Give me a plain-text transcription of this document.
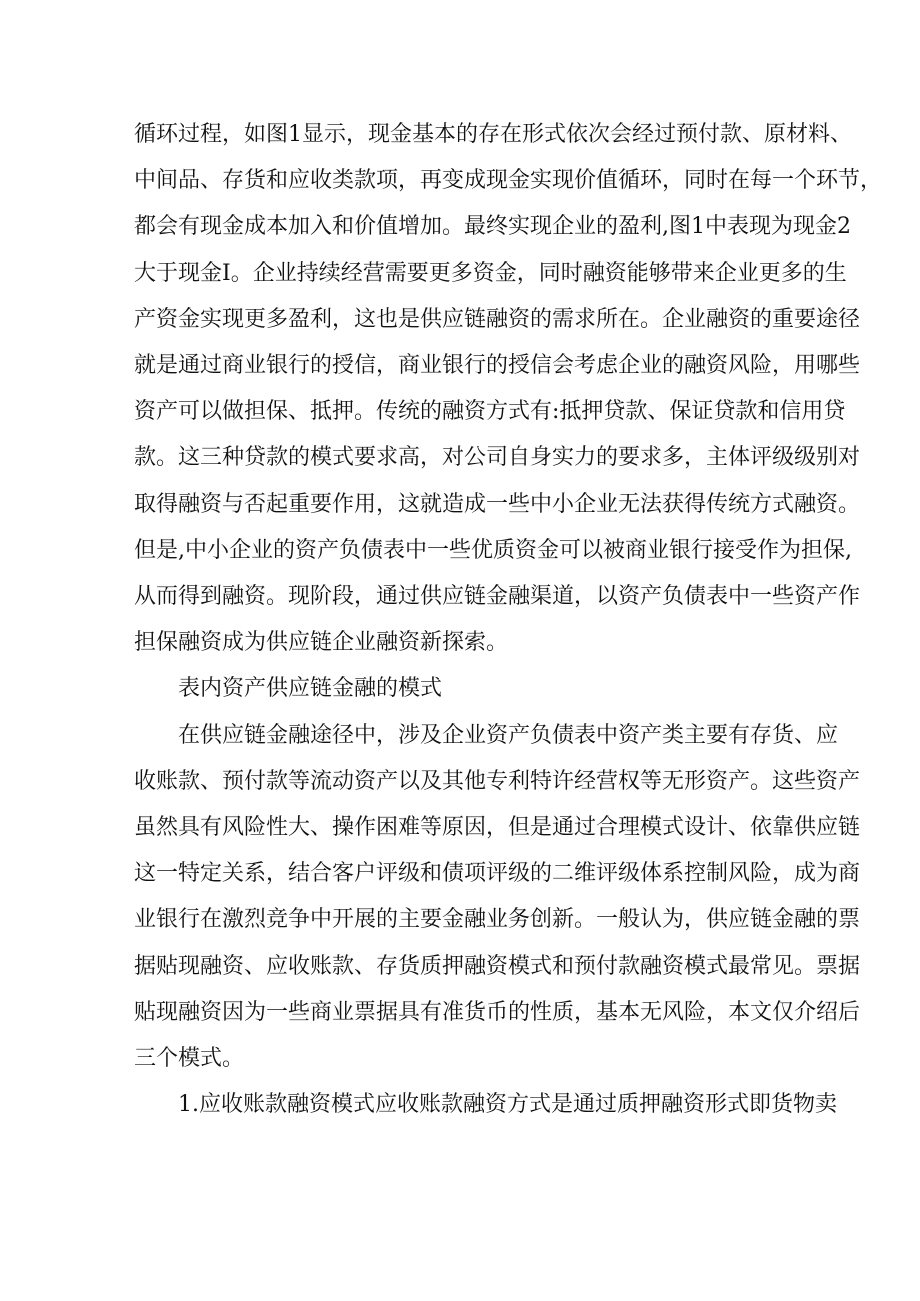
循环过程，如图1显示，现金基本的存在形式依次会经过预付款、原材料、
中间品、存货和应收类款项，再变成现金实现价值循环，同时在每一个环节，
都会有现金成本加入和价值增加。最终实现企业的盈利,图1中表现为现金2
大于现金I。企业持续经营需要更多资金，同时融资能够带来企业更多的生
产资金实现更多盈利，这也是供应链融资的需求所在。企业融资的重要途径
就是通过商业银行的授信，商业银行的授信会考虑企业的融资风险，用哪些
资产可以做担保、抵押。传统的融资方式有:抵押贷款、保证贷款和信用贷
款。这三种贷款的模式要求高，对公司自身实力的要求多，主体评级级别对
取得融资与否起重要作用，这就造成一些中小企业无法获得传统方式融资。
但是,中小企业的资产负债表中一些优质资金可以被商业银行接受作为担保,
从而得到融资。现阶段，通过供应链金融渠道，以资产负债表中一些资产作
担保融资成为供应链企业融资新探索。
表内资产供应链金融的模式
在供应链金融途径中，涉及企业资产负债表中资产类主要有存货、应
收账款、预付款等流动资产以及其他专利特许经营权等无形资产。这些资产
虽然具有风险性大、操作困难等原因，但是通过合理模式设计、依靠供应链
这一特定关系，结合客户评级和债项评级的二维评级体系控制风险，成为商
业银行在激烈竞争中开展的主要金融业务创新。一般认为，供应链金融的票
据贴现融资、应收账款、存货质押融资模式和预付款融资模式最常见。票据
贴现融资因为一些商业票据具有准货币的性质，基本无风险，本文仅介绍后
三个模式。
1.应收账款融资模式应收账款融资方式是通过质押融资形式即货物卖
